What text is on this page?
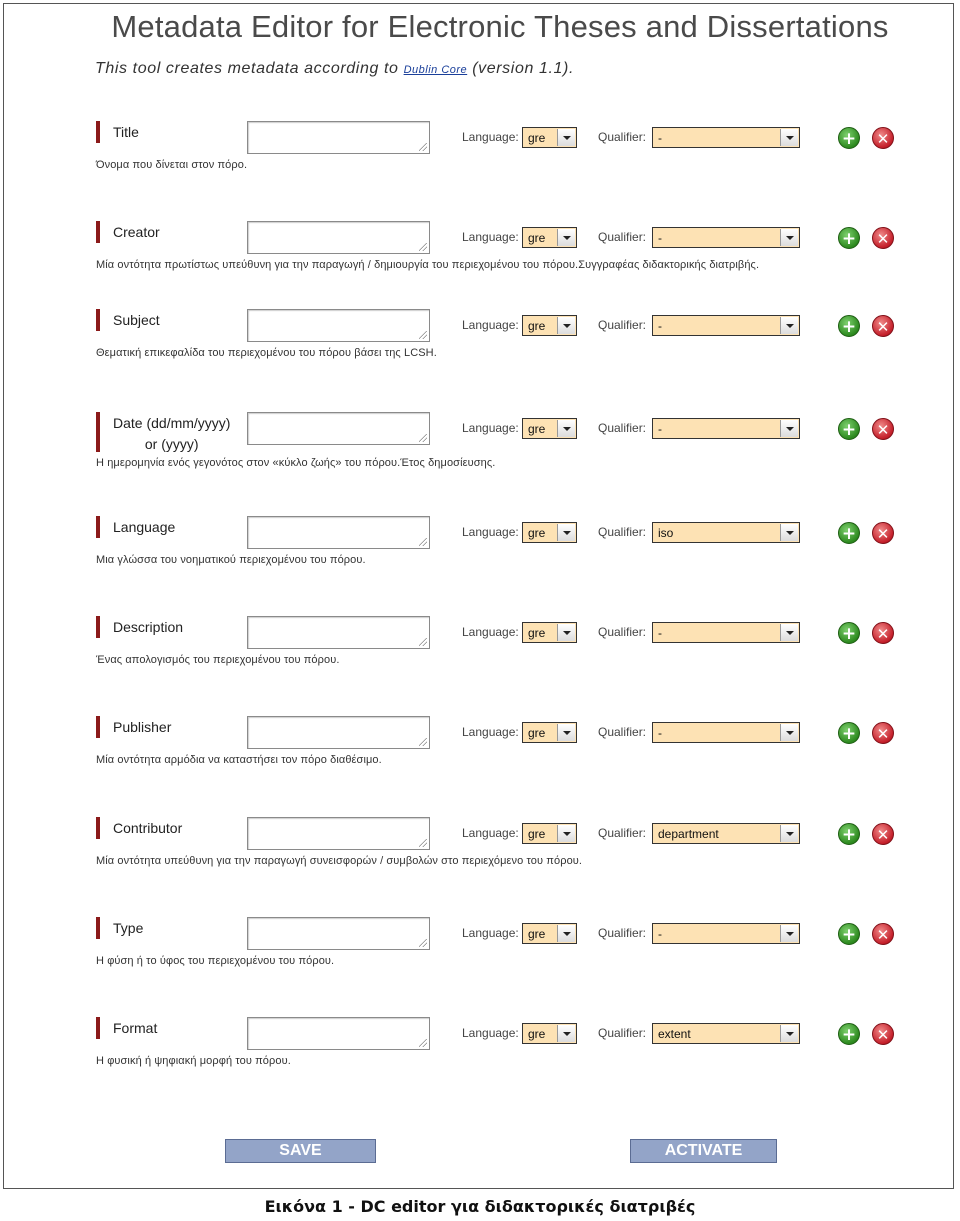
Metadata Editor for Electronic Theses and Dissertations
This tool creates metadata according to Dublin Core (version 1.1).
Title	Language: gre	Qualifier: -	+	✕
Όνομα που δίνεται στον πόρο.
Creator	Language: gre	Qualifier: -	+	✕
Μία οντότητα πρωτίστως υπεύθυνη για την παραγωγή / δημιουργία του περιεχομένου του πόρου.Συγγραφέας διδακτορικής διατριβής.
Subject	Language: gre	Qualifier: -	+	✕
Θεματική επικεφαλίδα του περιεχομένου του πόρου βάσει της LCSH.
Date (dd/mm/yyyy)
or (yyyy)
Language: gre	Qualifier: -	+	✕
Η ημερομηνία ενός γεγονότος στον «κύκλο ζωής» του πόρου.Έτος δημοσίευσης.
Language	Language: gre	Qualifier: iso	+	✕
Μια γλώσσα του νοηματικού περιεχομένου του πόρου.
Description	Language: gre	Qualifier: -	+	✕
Ένας απολογισμός του περιεχομένου του πόρου.
Publisher	Language: gre	Qualifier: -	+	✕
Μία οντότητα αρμόδια να καταστήσει τον πόρο διαθέσιμο.
Contributor	Language: gre	Qualifier: department	+	✕
Μία οντότητα υπεύθυνη για την παραγωγή συνεισφορών / συμβολών στο περιεχόμενο του πόρου.
Type	Language: gre	Qualifier: -	+	✕
Η φύση ή το ύφος του περιεχομένου του πόρου.
Format	Language: gre	Qualifier: extent	+	✕
Η φυσική ή ψηφιακή μορφή του πόρου.
SAVE	ACTIVATE
Εικόνα 1 - DC editor για διδακτορικές διατριβές
